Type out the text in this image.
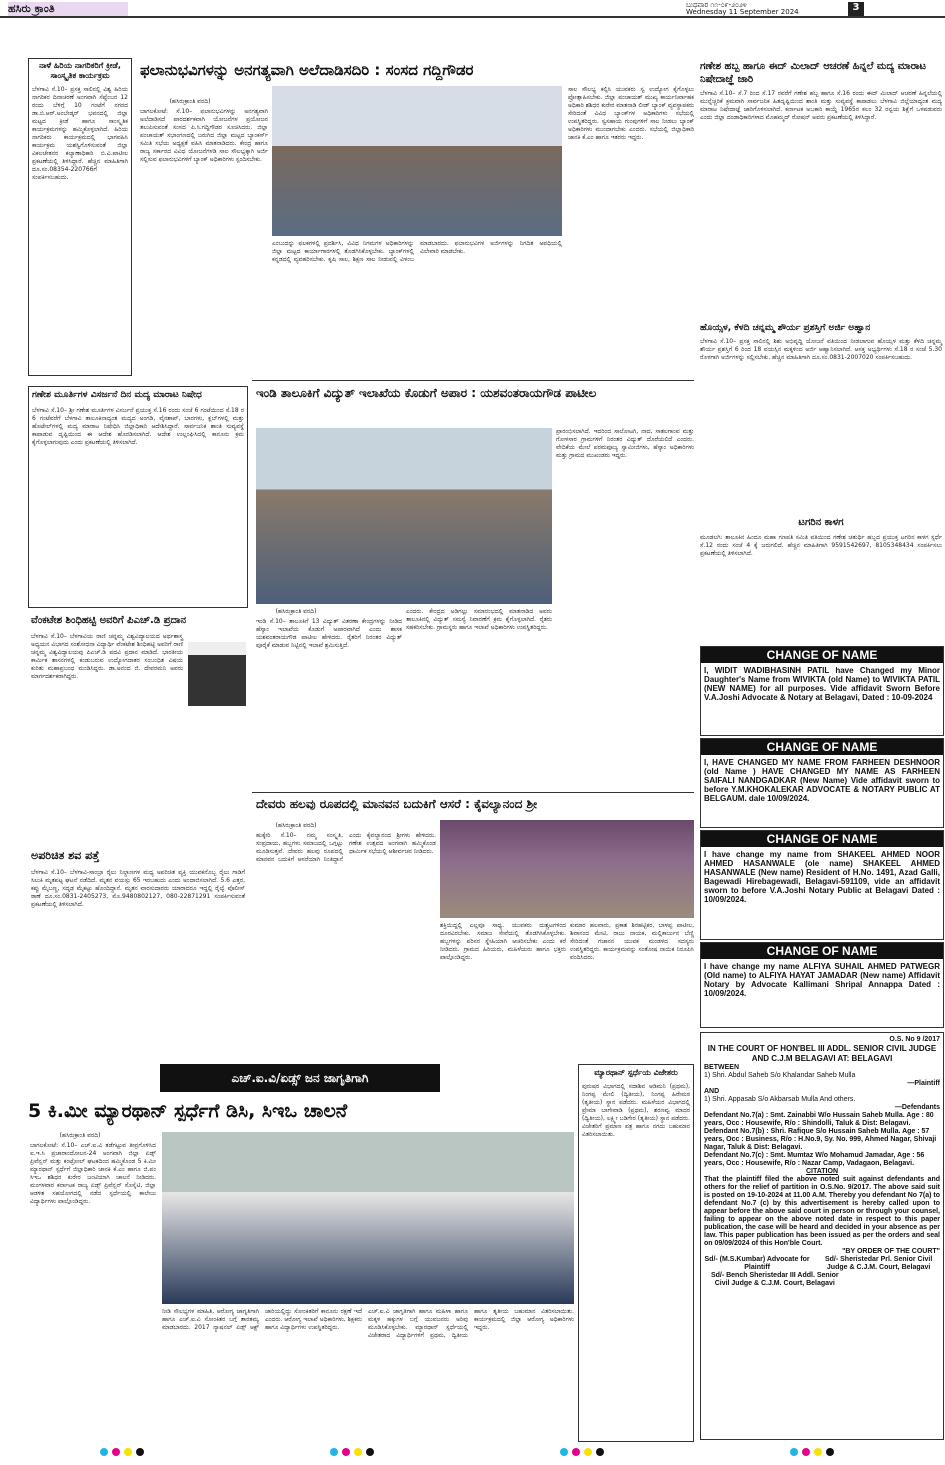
ಹಸಿರು ಕ್ರಾಂತಿ	ಬುಧವಾರ ೧೧-೦೯-೨೦೨೪
Wednesday 11 September 2024	3
ನಾಳೆ ಹಿರಿಯ ನಾಗರಿಕರಿಗೆ ಕ್ರೀಡೆ, ಸಾಂಸ್ಕೃತಿಕ ಕಾರ್ಯಕ್ರಮ
ಬೆಳಗಾವಿ ಸೆ.10– ಪ್ರಸಕ್ತ ಸಾಲಿನಲ್ಲಿ ವಿಶ್ವ ಹಿರಿಯ ನಾಗರಿಕರ ದಿನಾಚರಣೆ ಅಂಗವಾಗಿ ಸೆಪ್ಟೆಂಬರ 12 ರಂದು ಬೆಳಿಗ್ಗೆ 10 ಗಂಟೆಗೆ ನಗರದ ಡಾ.ಬಿ.ಆರ್.ಅಂಬೇಡ್ಕರ್ ಭವನದಲ್ಲಿ ಜಿಲ್ಲಾ ಮಟ್ಟದ ಕ್ರೀಡೆ ಹಾಗೂ ಸಾಂಸ್ಕೃತಿಕ ಕಾರ್ಯಕ್ರಮಗಳನ್ನು ಹಮ್ಮಿಕೊಳ್ಳಲಾಗಿದೆ. ಹಿರಿಯ ನಾಗರಿಕರು ಕಾರ್ಯಕ್ರಮದಲ್ಲಿ ಭಾಗವಹಿಸಿ ಕಾರ್ಯಕ್ರಮ ಯಶಸ್ವಿಗೊಳಿಸುವಂತೆ ಜಿಲ್ಲಾ ವಿಕಲಚೇತನರ ಕಲ್ಯಾಣಾಧಿಕಾರಿ ಬಿ.ವಿ.ಪಾಟೀಲ ಪ್ರಕಟಣೆಯಲ್ಲಿ ತಿಳಿಸಿದ್ದಾರೆ. ಹೆಚ್ಚಿನ ಮಾಹಿತಿಗಾಗಿ ದೂ.ಸಂ.08354-220766ಗೆ ಸಂಪರ್ಕಿಸಬಹುದು.
ಗಣೇಶ ಮೂರ್ತಿಗಳ ವಿಸರ್ಜನೆ ದಿನ ಮದ್ಯ ಮಾರಾಟ ನಿಷೇಧ
ಬೆಳಗಾವಿ ಸೆ.10– ಶ್ರೀ ಗಣೇಶ ಮೂರ್ತಿಗಳ ವಿಸರ್ಜನೆ ಪ್ರಯುಕ್ತ ಸೆ.16 ರಂದು ಸಂಜೆ 6 ಗಂಟೆಯಿಂದ ಸೆ.18 ರ 6 ಗಂಟೆವರೆಗೆ ಬೆಳಗಾವಿ ತಾಲೂಕಿನಾದ್ಯಂತ ಮದ್ಯದ ಅಂಗಡಿ, ವೈನಶಾಪ್, ಬಾರಗಳು, ಕ್ಲಬ್‌ಗಳಲ್ಲಿ ಮತ್ತು ಹೊಟೇಲ್‌ಗಳಲ್ಲಿ ಮದ್ಯ ಮಾರಾಟ ನಿಷೇಧಿಸಿ ಜಿಲ್ಲಾಧಿಕಾರಿ ಆದೇಶಿಸಿದ್ದಾರೆ. ಸಾರ್ವಜನಿಕ ಶಾಂತಿ ಸುವ್ಯವಸ್ಥೆ ಕಾಪಾಡುವ ದೃಷ್ಟಿಯಿಂದ ಈ ಆದೇಶ ಹೊರಡಿಸಲಾಗಿದೆ. ಆದೇಶ ಉಲ್ಲಂಘಿಸಿದಲ್ಲಿ ಕಾನೂನು ಕ್ರಮ ಕೈಗೊಳ್ಳಲಾಗುವುದು ಎಂದು ಪ್ರಕಟಣೆಯಲ್ಲಿ ತಿಳಿಸಲಾಗಿದೆ.
ವೆಂಕಟೇಶ ಶಿಂಧಿಹಟ್ಟಿ ಅವರಿಗೆ ಪಿಎಚ್.ಡಿ ಪ್ರದಾನ
ಬೆಳಗಾವಿ ಸೆ.10– ಬೆಳಗಾವಿಯ ರಾಣಿ ಚನ್ನಮ್ಮ ವಿಶ್ವವಿದ್ಯಾಲಯದ ಅರ್ಥಶಾಸ್ತ್ರ ಅಧ್ಯಯನ ವಿಭಾಗದ ಸಂಶೋಧನಾ ವಿದ್ಯಾರ್ಥಿ ವೆಂಕಟೇಶ ಶಿಂಧಿಹಟ್ಟಿ ಅವರಿಗೆ ರಾಣಿ ಚನ್ನಮ್ಮ ವಿಶ್ವವಿದ್ಯಾಲಯವು ಪಿಎಚ್.ಡಿ ಪದವಿ ಪ್ರದಾನ ಮಾಡಿದೆ. ಭಾರತೀಯ ಕಾರ್ಮಿಕ ಶಾಸನಗಳಲ್ಲಿ ಕಂಡುಬರುವ ಉದ್ಯೋಗದಾತರ ಸಂಬಂಧಿತ ವಿಷಯ ಕುರಿತು ಮಹಾಪ್ರಬಂಧ ಮಂಡಿಸಿದ್ದರು. ಡಾ.ಅನಂದ ಜಿ. ದೇವರಮನಿ ಅವರು ಮಾರ್ಗದರ್ಶಕರಾಗಿದ್ದರು.
ಅಪರಿಚಿತ ಶವ ಪತ್ತೆ
ಬೆಳಗಾವಿ ಸೆ.10– ಬೆಳಗಾವಿ-ಸಾಂಬ್ರಾ ರೈಲು ನಿಲ್ದಾಣಗಳ ಮಧ್ಯ ಅಪರಿಚಿತ ವ್ಯಕ್ತಿ ಯುವಕನೊಬ್ಬ ರೈಲು ಗಾಡಿಗೆ ಸಿಲುಕಿ ಮೃತಪಟ್ಟ ಘಟನೆ ನಡೆದಿದೆ. ಮೃತನ ವಯಸ್ಸು 65 ಇರಬಹುದು ಎಂದು ಅಂದಾಜಿಸಲಾಗಿದೆ. 5.6 ಎತ್ತರ, ಕಪ್ಪು ಮೈಬಣ್ಣ, ಸದೃಢ ಮೈಕಟ್ಟು ಹೊಂದಿದ್ದಾನೆ. ಮೃತನ ವಾರಸುದಾರರು ಯಾರಾದರೂ ಇದ್ದಲ್ಲಿ ರೈಲ್ವೆ ಪೊಲೀಸ್ ಠಾಣೆ ದೂ.ಸಂ.0831-2405273, ಮೊ.9480802127, 080-22871291 ಸಂಪರ್ಕಿಸುವಂತೆ ಪ್ರಕಟಣೆಯಲ್ಲಿ ತಿಳಿಸಲಾಗಿದೆ.
ಫಲಾನುಭವಿಗಳನ್ನು ಅನಗತ್ಯವಾಗಿ ಅಲೆದಾಡಿಸದಿರಿ : ಸಂಸದ ಗದ್ದಿಗೌಡರ
(ಹಸಿರುಕ್ರಾಂತಿ ವರದಿ)
ಬಾಗಲಕೋಟೆ: ಸೆ.10– ಫಲಾನುಭವಿಗಳನ್ನು ಅನಗತ್ಯವಾಗಿ ಅಲೆದಾಡಿಸದೆ ಪಾರದರ್ಶಕವಾಗಿ ಯೋಜನೆಗಳ ಪ್ರಯೋಜನ ತಲುಪಿಸುವಂತೆ ಸಂಸದ ಪಿ.ಸಿ.ಗದ್ದಿಗೌಡರ ಸೂಚಿಸಿದರು. ಜಿಲ್ಲಾ ಪಂಚಾಯತ್ ಸಭಾಂಗಣದಲ್ಲಿ ಜರುಗಿದ ಜಿಲ್ಲಾ ಮಟ್ಟದ ಬ್ಯಾಂಕರ್ಸ್ ಸಮಿತಿ ಸಭೆಯ ಅಧ್ಯಕ್ಷತೆ ವಹಿಸಿ ಮಾತನಾಡಿದರು. ಕೇಂದ್ರ ಹಾಗೂ ರಾಜ್ಯ ಸರ್ಕಾರದ ವಿವಿಧ ಯೋಜನೆಗಳಡಿ ಸಾಲ ಸೌಲಭ್ಯಕ್ಕಾಗಿ ಅರ್ಜಿ ಸಲ್ಲಿಸುವ ಫಲಾನುಭವಿಗಳಿಗೆ ಬ್ಯಾಂಕ್ ಅಧಿಕಾರಿಗಳು ಸ್ಪಂದಿಸಬೇಕು.
ಎಂಬುದನ್ನು ಫಲಕಗಳಲ್ಲಿ ಪ್ರದರ್ಶಿಸಿ, ವಿವಿಧ ನಿಗಮಗಳ ಅಧಿಕಾರಿಗಳನ್ನು ಜಿಲ್ಲಾ ಮಟ್ಟದ ಕಾರ್ಯಾಗಾರಗಳಲ್ಲಿ ತೊಡಗಿಸಿಕೊಳ್ಳಬೇಕು. ಬ್ಯಾಂಕ್‌ಗಳಲ್ಲಿ ಕನ್ನಡದಲ್ಲಿ ವ್ಯವಹರಿಸಬೇಕು. ಕೃಷಿ ಸಾಲ, ಶಿಕ್ಷಣ ಸಾಲ ನೀಡುವಲ್ಲಿ ವಿಳಂಬ ಮಾಡಬಾರದು. ಫಲಾನುಭವಿಗಳ ಅರ್ಜಿಗಳನ್ನು ನಿಗದಿತ ಅವಧಿಯಲ್ಲಿ ವಿಲೇವಾರಿ ಮಾಡಬೇಕು.
ಸಾಲ ಸೌಲಭ್ಯ ಕಲ್ಪಿಸಿ ಯುವಕರು ಸ್ವ ಉದ್ಯೋಗ ಕೈಗೊಳ್ಳಲು ಪ್ರೋತ್ಸಾಹಿಸಬೇಕು. ಜಿಲ್ಲಾ ಪಂಚಾಯತ್ ಮುಖ್ಯ ಕಾರ್ಯನಿರ್ವಾಹಕ ಅಧಿಕಾರಿ ಶಶಿಧರ ಕುರೇರ ಮಾತನಾಡಿ ಲೀಡ್ ಬ್ಯಾಂಕ್ ವ್ಯವಸ್ಥಾಪಕರು ಸೇರಿದಂತೆ ವಿವಿಧ ಬ್ಯಾಂಕ್‌ಗಳ ಅಧಿಕಾರಿಗಳು ಸಭೆಯಲ್ಲಿ ಉಪಸ್ಥಿತರಿದ್ದರು. ಸ್ವಸಹಾಯ ಗುಂಪುಗಳಿಗೆ ಸಾಲ ನೀಡಲು ಬ್ಯಾಂಕ್ ಅಧಿಕಾರಿಗಳು ಮುಂದಾಗಬೇಕು ಎಂದರು. ಸಭೆಯಲ್ಲಿ ಜಿಲ್ಲಾಧಿಕಾರಿ ಜಾನಕಿ ಕೆ.ಎಂ ಹಾಗೂ ಇತರರು ಇದ್ದರು.
ಇಂಡಿ ತಾಲೂಕಿಗೆ ವಿದ್ಯುತ್ ಇಲಾಖೆಯ ಕೊಡುಗೆ ಅಪಾರ : ಯಶವಂತರಾಯಗೌಡ ಪಾಟೀಲ
(ಹಸಿರುಕ್ರಾಂತಿ ವರದಿ)
ಇಂಡಿ ಸೆ.10– ತಾಲೂಕಿಗೆ 13 ವಿದ್ಯುತ್ ವಿತರಣಾ ಕೇಂದ್ರಗಳನ್ನು ನೀಡಿದ ಹೆಸ್ಕಾಂ ಇಲಾಖೆಯ ಕೊಡುಗೆ ಅಪಾರವಾಗಿದೆ ಎಂದು ಶಾಸಕ ಯಶವಂತರಾಯಗೌಡ ಪಾಟೀಲ ಹೇಳಿದರು. ರೈತರಿಗೆ ನಿರಂತರ ವಿದ್ಯುತ್ ಪೂರೈಕೆ ಮಾಡುವ ನಿಟ್ಟಿನಲ್ಲಿ ಇಲಾಖೆ ಶ್ರಮಿಸುತ್ತಿದೆ.
ಎಂದರು. ಕೇಂದ್ರದ ಅಡಿಗಲ್ಲು ಸಮಾರಂಭದಲ್ಲಿ ಮಾತನಾಡಿದ ಅವರು ತಾಲೂಕಿನಲ್ಲಿ ವಿದ್ಯುತ್ ಸಮಸ್ಯೆ ನಿವಾರಣೆಗೆ ಕ್ರಮ ಕೈಗೊಳ್ಳಲಾಗಿದೆ. ರೈತರು ಸಹಕರಿಸಬೇಕು. ಗ್ರಾಮಸ್ಥರು ಹಾಗೂ ಇಲಾಖೆ ಅಧಿಕಾರಿಗಳು ಉಪಸ್ಥಿತರಿದ್ದರು.
ಪ್ರಾರಂಭಿಸಲಾಗಿದೆ. ಇದರಿಂದ ಸಾಲೋಟಗಿ, ನಾದ, ಸಾತಲಗಾಂವ ಮತ್ತು ಗೋಳಸಾರ ಗ್ರಾಮಗಳಿಗೆ ನಿರಂತರ ವಿದ್ಯುತ್ ದೊರೆಯಲಿದೆ ಎಂದರು. ವೇದಿಕೆಯ ಮೇಲೆ ಪರಮಪೂಜ್ಯ ಸ್ವಾಮೀಜಿಗಳು, ಹೆಸ್ಕಾಂ ಅಧಿಕಾರಿಗಳು ಮತ್ತು ಗ್ರಾಮದ ಮುಖಂಡರು ಇದ್ದರು.
ದೇವರು ಹಲವು ರೂಪದಲ್ಲಿ ಮಾನವನ ಬದುಕಿಗೆ ಆಸರೆ : ಕೈವಲ್ಯಾನಂದ ಶ್ರೀ
(ಹಸಿರುಕ್ರಾಂತಿ ವರದಿ)
ಹುಕ್ಕೇರಿ ಸೆ.10– ನಮ್ಮ ಸಂಸ್ಕೃತಿ, ಸಂಪ್ರದಾಯ, ಹಬ್ಬಗಳು ಸಮಾಜದಲ್ಲಿ ಒಗ್ಗಟ್ಟು ಮೂಡಿಸುತ್ತವೆ. ದೇವರು ಹಲವು ರೂಪದಲ್ಲಿ ಮಾನವನ ಬದುಕಿಗೆ ಆಸರೆಯಾಗಿ ನಿಂತಿದ್ದಾನೆ ಎಂದು ಕೈವಲ್ಯಾನಂದ ಶ್ರೀಗಳು ಹೇಳಿದರು. ಗಣೇಶ ಉತ್ಸವದ ಅಂಗವಾಗಿ ಹಮ್ಮಿಕೊಂಡ ಧಾರ್ಮಿಕ ಸಭೆಯಲ್ಲಿ ಆಶೀರ್ವಚನ ನೀಡಿದರು.
ಶಕ್ತಿಯಿದ್ದಲ್ಲಿ ಎಲ್ಲವೂ ಸಾಧ್ಯ. ಯುವಕರು ದುಶ್ಚಟಗಳಿಂದ ದೂರವಿರಬೇಕು. ಸಮಾಜ ಸೇವೆಯಲ್ಲಿ ತೊಡಗಿಸಿಕೊಳ್ಳಬೇಕು. ಹಬ್ಬಗಳನ್ನು ಪರಿಸರ ಸ್ನೇಹಿಯಾಗಿ ಆಚರಿಸಬೇಕು ಎಂದು ಕರೆ ನೀಡಿದರು. ಗ್ರಾಮದ ಹಿರಿಯರು, ಮಹಿಳೆಯರು ಹಾಗೂ ಭಕ್ತರು ಪಾಲ್ಗೊಂಡಿದ್ದರು.
ಕುಮಾರ ಹಲವಾರು, ಪ್ರಕಾಶ ಶಿರಹಟ್ಟಿಕರ, ಬಾಳಪ್ಪ ಪಾಟೀಲ, ಶಿವಾನಂದ ಮೇಟಿ, ರಾಜು ನಾಯಕ, ಮಲ್ಲಿಕಾರ್ಜುನ ಬೆಣ್ಣಿ ಸೇರಿದಂತೆ ಗಜಾನನ ಯುವಕ ಮಂಡಳದ ಸದಸ್ಯರು ಉಪಸ್ಥಿತರಿದ್ದರು. ಕಾರ್ಯಕ್ರಮವನ್ನು ಸಂತೋಷ ನಾಯಿಕ ನಿರೂಪಿಸಿ ವಂದಿಸಿದರು.
ಗಣೇಶ ಹಬ್ಬ ಹಾಗೂ ಈದ್ ಮಿಲಾದ್ ಆಚರಣೆ ಹಿನ್ನಲೆ ಮದ್ಯ ಮಾರಾಟ ನಿಷೇದಾಜ್ಞೆ ಜಾರಿ
ಬೆಳಗಾವಿ ಸೆ.10– ಸೆ.7 ರಿಂದ ಸೆ.17 ರವರೆಗೆ ಗಣೇಶ ಹಬ್ಬ ಹಾಗೂ ಸೆ.16 ರಂದು ಈದ್ ಮಿಲಾದ್ ಆಚರಣೆ ಹಿನ್ನಲೆಯಲ್ಲಿ ಮುನ್ನೆಚ್ಚರಿಕೆ ಕ್ರಮವಾಗಿ ಸಾರ್ವಜನಿಕ ಹಿತದೃಷ್ಟಿಯಿಂದ ಶಾಂತಿ ಮತ್ತು ಸುವ್ಯವಸ್ಥೆ ಕಾಪಾಡಲು ಬೆಳಗಾವಿ ಜಿಲ್ಲೆಯಾದ್ಯಂತ ಮದ್ಯ ಮಾರಾಟ ನಿಷೇದಾಜ್ಞೆ ಜಾರಿಗೊಳಿಸಲಾಗಿದೆ. ಕರ್ನಾಟಕ ಅಬಕಾರಿ ಕಾಯ್ದೆ 1965ರ ಕಲಂ 32 ರನ್ವಯ ಶಿಕ್ಷೆಗೆ ಒಳಪಡುವರು ಎಂದು ಜಿಲ್ಲಾ ದಂಡಾಧಿಕಾರಿಗಳಾದ ಮೊಹಮ್ಮದ್ ರೋಷನ್ ಅವರು ಪ್ರಕಟಣೆಯಲ್ಲಿ ತಿಳಿಸಿದ್ದಾರೆ.
ಹೊಯ್ಸಳ, ಕೆಳದಿ ಚನ್ನಮ್ಮ ಶೌರ್ಯ ಪ್ರಶಸ್ತಿಗೆ ಅರ್ಜಿ ಅಹ್ವಾನ
ಬೆಳಗಾವಿ ಸೆ.10– ಪ್ರಸಕ್ತ ಸಾಲಿನಲ್ಲಿ ಶಿಶು ಅಭಿವೃದ್ಧಿ ಯೋಜನೆ ವತಿಯಿಂದ ನೀಡಲಾಗುವ ಹೊಯ್ಸಳ ಮತ್ತು ಕೆಳದಿ ಚನ್ನಮ್ಮ ಶೌರ್ಯ ಪ್ರಶಸ್ತಿಗೆ 6 ರಿಂದ 18 ವಯಸ್ಸಿನ ಮಕ್ಕಳಿಂದ ಅರ್ಜಿ ಆಹ್ವಾನಿಸಲಾಗಿದೆ. ಆಸಕ್ತ ಅಭ್ಯರ್ಥಿಗಳು ಸೆ.18 ರ ಸಂಜೆ 5.30 ರೊಳಗಾಗಿ ಅರ್ಜಿಗಳನ್ನು ಸಲ್ಲಿಸಬೇಕು. ಹೆಚ್ಚಿನ ಮಾಹಿತಿಗಾಗಿ ದೂ.ಸಂ.0831-2007020 ಸಂಪರ್ಕಿಸಬಹುದು.
ಟಗರಿನ ಕಾಳಗ
ಮೂಡಲಗಿ: ತಾಲೂಕಿನ ಹಿಂದೂ ಮಹಾ ಗಣಪತಿ ಸಮಿತಿ ವತಿಯಿಂದ ಗಣೇಶ ಚತುರ್ಥಿ ಹಬ್ಬದ ಪ್ರಯುಕ್ತ ಟಗರಿನ ಕಾಳಗ ಸ್ಪರ್ಧೆ ಸೆ.12 ರಂದು ಸಂಜೆ 4 ಕ್ಕೆ ಜರುಗಲಿದೆ. ಹೆಚ್ಚಿನ ಮಾಹಿತಿಗಾಗಿ 9591542697, 8105348434 ಸಂಪರ್ಕಿಸಲು ಪ್ರಕಟಣೆಯಲ್ಲಿ ತಿಳಿಸಲಾಗಿದೆ.
CHANGE OF NAME
I, WIDIT WADIBHASINH PATIL have Changed my Minor Daughter's Name from WIVIKTA (old Name) to WIVIKTA PATIL (NEW NAME) for all purposes. Vide affidavit Sworn Before V.A.Joshi Advocate & Notary at Belagavi, Dated : 10-09-2024
CHANGE OF NAME
I, HAVE CHANGED MY NAME FROM FARHEEN DESHNOOR (old Name ) HAVE CHANGED MY NAME AS FARHEEN SAIFALI NANDGADKAR (New Name) Vide affidavit sworn to before Y.M.KHOKALEKAR ADVOCATE & NOTARY PUBLIC AT BELGAUM. dale 10/09/2024.
CHANGE OF NAME
I have change my name from SHAKEEL AHMED NOOR AHMED HASANWALE (ole name) SHAKEEL AHMED HASANWALE (New name) Resident of H.No. 1491, Azad Galli, Bagewadi Hirebagewadi, Belagavi-591109, vide an affidavit sworn to before V.A.Joshi Notary Public at Belagavi Dated : 10/09/2024.
CHANGE OF NAME
I have change my name ALFIYA SUHAIL AHMED PATWEGR (Old name) to ALFIYA HAYAT JAMADAR (New name) Affidavit Notary by Advocate Kallimani Shripal Annappa Dated : 10/09/2024.
O.S. No 9 /2017
IN THE COURT OF HON'BEL III ADDL. SENIOR CIVIL JUDGE AND C.J.M BELAGAVI AT: BELAGAVI
BETWEEN
1) Shri. Abdul Saheb S/o Khalandar Saheb Mulla
—Plaintiff
AND
1) Shri. Appasab S/o Akbarsab Mulla And others.
—Defendants
Defendant No.7(a) : Smt. Zainabbi W/o Hussain Saheb Mulla. Age : 80 years, Occ : Housewife, R/o : Shindolli, Taluk & Dist: Belagavi.
Defendant No.7(b) : Shri. Rafique S/o Hussain Saheb Mulla. Age : 57 years, Occ : Business, R/o : H.No.9, Sy. No. 999, Ahmed Nagar, Shivaji Nagar, Taluk & Dist: Belagavi.
Defendant No.7(c) : Smt. Mumtaz W/o Mohamud Jamadar, Age : 56 years, Occ : Housewife, R/o : Nazar Camp, Vadagaon, Belagavi.
CITATION
That the plaintiff filed the above noted suit against defendants and others for the relief of partition in O.S.No. 9/2017. The above said suit is posted on 19-10-2024 at 11.00 A.M. Thereby you defendant No 7(a) to defendant No.7 (c) by this advertisement is hereby called upon to appear before the above said court in person or through your counsel, failing to appear on the above noted date in respect to this paper publication, the case will be heard and decided in your absence as per law. This paper publication has been issued as per the orders and seal on 09/09/2024 of this Hon'ble Court.
"BY ORDER OF THE COURT"
Sd/- (M.S.Kumbar) Advocate for Plaintiff
Sd/- Sheristedar Prl. Senior Civil Judge & C.J.M. Court, Belagavi
Sd/- Bench Sheristedar III Addl. Senior Civil Judge & C.J.M. Court, Belagavi
ಎಚ್.ಐ.ವಿ/ಏಡ್ಸ್ ಜನ ಜಾಗೃತಿಗಾಗಿ
5 ಕಿ.ಮೀ ಮ್ಯಾರಥಾನ್ ಸ್ಪರ್ಧೆಗೆ ಡಿಸಿ, ಸಿಇಒ ಚಾಲನೆ
(ಹಸಿರುಕ್ರಾಂತಿ ವರದಿ)
ಬಾಗಲಕೋಟೆ: ಸೆ.10– ಎಚ್.ಐ.ವಿ ತಡೆಗಟ್ಟುವ ತೀವ್ರಗೊಳಿಸಿದ ಐ.ಇ.ಸಿ ಪ್ರಚಾರಾಂದೋಲನ-24 ಅಂಗವಾಗಿ ಜಿಲ್ಲಾ ಏಡ್ಸ್ ಪ್ರಿವೆನ್ಷನ್ ಮತ್ತು ಕಂಟ್ರೋಲ್ ಘಟಕದಿಂದ ಹಮ್ಮಿಕೊಂಡ 5 ಕಿ.ಮೀ ಮ್ಯಾರಥಾನ್ ಸ್ಪರ್ಧೆಗೆ ಜಿಲ್ಲಾಧಿಕಾರಿ ಜಾನಕಿ ಕೆ.ಎಂ ಹಾಗೂ ಜಿ.ಪಂ ಸಿಇಒ ಶಶಿಧರ ಕುರೇರ ಜಂಟಿಯಾಗಿ ಚಾಲನೆ ನೀಡಿದರು. ಮಂಗಳವಾರ ಕರ್ನಾಟಕ ರಾಜ್ಯ ಏಡ್ಸ್ ಪ್ರಿವೆನ್ಷನ್ ಸೊಸೈಟಿ, ಜಿಲ್ಲಾ ಆಡಳಿತ ಸಹಯೋಗದಲ್ಲಿ ನಡೆದ ಸ್ಪರ್ಧೆಯಲ್ಲಿ ಕಾಲೇಜು ವಿದ್ಯಾರ್ಥಿಗಳು ಪಾಲ್ಗೊಂಡಿದ್ದರು.
ನೀಡಿ ಸೌಲಭ್ಯಗಳ ಮಾಹಿತಿ, ಆರೋಗ್ಯ ಜಾಗೃತಿಗಾಗಿ ಹಾಗೂ ಎಚ್.ಐ.ವಿ ಸೋಂಕಿತರ ಬಗ್ಗೆ ತಾರತಮ್ಯ ಮಾಡಬಾರದು. 2017 ನ್ಯಾಷನಲ್ ಏಡ್ಸ್ ಆಕ್ಟ್ ಜಾರಿಯಲ್ಲಿದ್ದು ಸೋಂಕಿತರಿಗೆ ಕಾನೂನು ರಕ್ಷಣೆ ಇದೆ ಎಂದರು. ಆರೋಗ್ಯ ಇಲಾಖೆ ಅಧಿಕಾರಿಗಳು, ಶಿಕ್ಷಕರು ಹಾಗೂ ವಿದ್ಯಾರ್ಥಿಗಳು ಉಪಸ್ಥಿತರಿದ್ದರು.
ಎಚ್.ಐ.ವಿ ಜಾಗೃತಿಗಾಗಿ ಹಾಗೂ ಮಹಿಳಾ ಹಾಗೂ ಮಕ್ಕಳ ಹಕ್ಕುಗಳ ಬಗ್ಗೆ ಯುವಜನರು ಅರಿವು ಮೂಡಿಸಿಕೊಳ್ಳಬೇಕು. ಮ್ಯಾರಥಾನ್ ಸ್ಪರ್ಧೆಯಲ್ಲಿ ವಿಜೇತರಾದ ವಿದ್ಯಾರ್ಥಿಗಳಿಗೆ ಪ್ರಥಮ, ದ್ವಿತೀಯ ಹಾಗೂ ತೃತೀಯ ಬಹುಮಾನ ವಿತರಿಸಲಾಯಿತು. ಕಾರ್ಯಕ್ರಮದಲ್ಲಿ ಜಿಲ್ಲಾ ಆರೋಗ್ಯ ಅಧಿಕಾರಿಗಳು ಇದ್ದರು.
ಮ್ಯಾರಥಾನ್ ಸ್ಪರ್ಧೆಯ ವಿಜೇತರು
ಪುರುಷರ ವಿಭಾಗದಲ್ಲಿ ಸದಾಶಿವ ಆಡಿಮನಿ (ಪ್ರಥಮ), ನಿಂಗಪ್ಪ ಮೇಲಿ (ದ್ವಿತೀಯ), ನಿಂಗಪ್ಪ ಹಿರೇಮಠ (ತೃತೀಯ) ಸ್ಥಾನ ಪಡೆದರು. ಮಹಿಳೆಯರ ವಿಭಾಗದಲ್ಲಿ ಪ್ರೇಮಾ ಬಾಗೇವಾಡಿ (ಪ್ರಥಮ), ಶರಣವ್ವ ಮಾದರ (ದ್ವಿತೀಯ), ಲಕ್ಷ್ಮೀ ಬಡಿಗೇರ (ತೃತೀಯ) ಸ್ಥಾನ ಪಡೆದರು. ವಿಜೇತರಿಗೆ ಪ್ರಮಾಣ ಪತ್ರ ಹಾಗೂ ನಗದು ಬಹುಮಾನ ವಿತರಿಸಲಾಯಿತು.
